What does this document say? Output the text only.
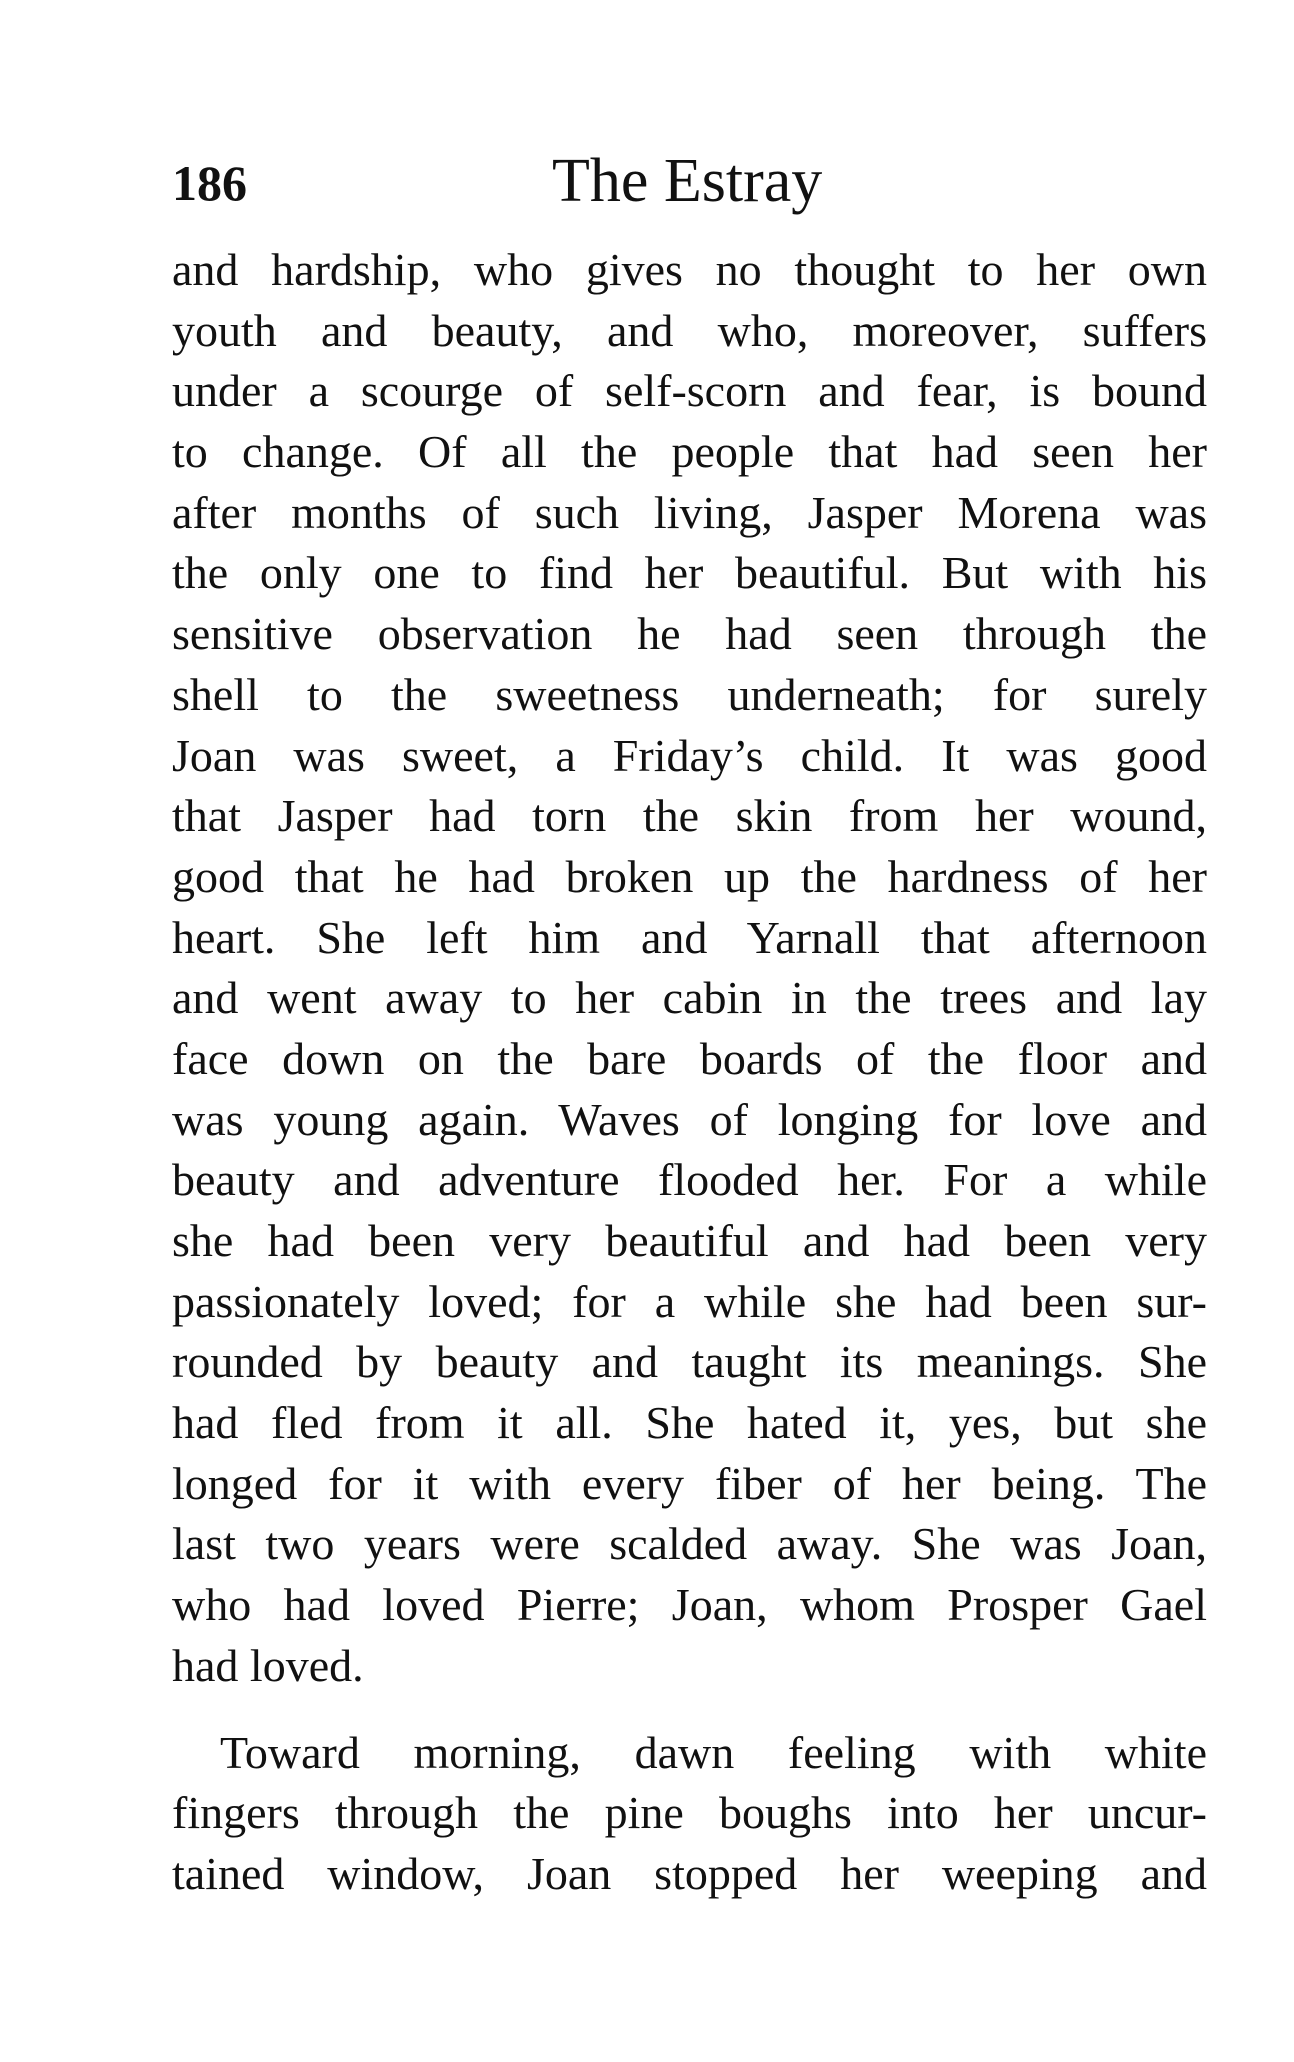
186	The Estray
and hardship, who gives no thought to her own
youth and beauty, and who, moreover, suffers
under a scourge of self-scorn and fear, is bound
to change. Of all the people that had seen her
after months of such living, Jasper Morena was
the only one to find her beautiful. But with his
sensitive observation he had seen through the
shell to the sweetness underneath; for surely
Joan was sweet, a Friday’s child. It was good
that Jasper had torn the skin from her wound,
good that he had broken up the hardness of her
heart. She left him and Yarnall that afternoon
and went away to her cabin in the trees and lay
face down on the bare boards of the floor and
was young again. Waves of longing for love and
beauty and adventure flooded her. For a while
she had been very beautiful and had been very
passionately loved; for a while she had been sur-
rounded by beauty and taught its meanings. She
had fled from it all. She hated it, yes, but she
longed for it with every fiber of her being. The
last two years were scalded away. She was Joan,
who had loved Pierre; Joan, whom Prosper Gael
had loved.
Toward morning, dawn feeling with white
fingers through the pine boughs into her uncur-
tained window, Joan stopped her weeping and
